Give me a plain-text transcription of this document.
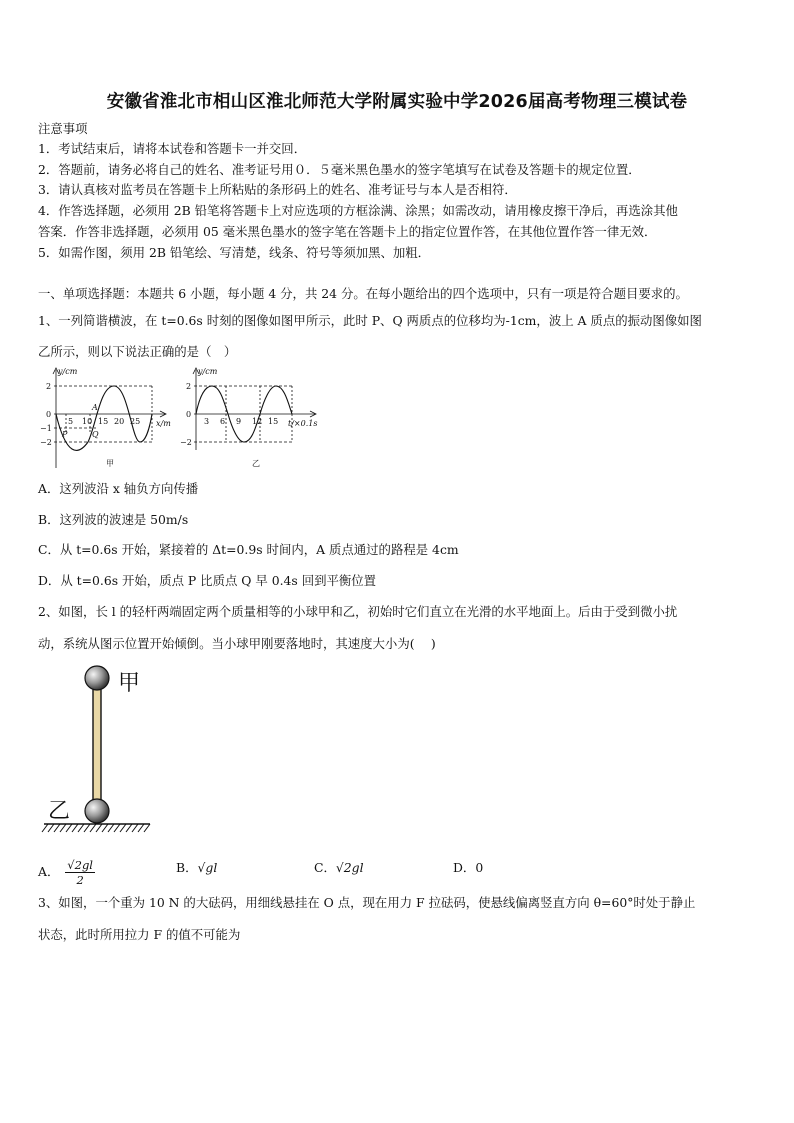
安徽省淮北市相山区淮北师范大学附属实验中学2026届高考物理三模试卷
注意事项
1．考试结束后，请将本试卷和答题卡一并交回．
2．答题前，请务必将自己的姓名、准考证号用０．５毫米黑色墨水的签字笔填写在试卷及答题卡的规定位置．
3．请认真核对监考员在答题卡上所粘贴的条形码上的姓名、准考证号与本人是否相符．
4．作答选择题，必须用 2B 铅笔将答题卡上对应选项的方框涂满、涂黑；如需改动，请用橡皮擦干净后，再选涂其他
答案．作答非选择题，必须用 05 毫米黑色墨水的签字笔在答题卡上的指定位置作答，在其他位置作答一律无效．
5．如需作图，须用 2B 铅笔绘、写清楚，线条、符号等须加黑、加粗．
一、单项选择题：本题共 6 小题，每小题 4 分，共 24 分。在每小题给出的四个选项中，只有一项是符合题目要求的。
1、一列简谐横波，在 t=0.6s 时刻的图像如图甲所示，此时 P、Q 两质点的位移均为-1cm，波上 A 质点的振动图像如图
乙所示，则以下说法正确的是（　）
y/cm
x/m
2
0
−1
−2
5 10 15 20 25
A
P	Q
甲
y/cm
t/×0.1s
2
0
−2
3 6 9 12 15
乙
A．这列波沿 x 轴负方向传播
B．这列波的波速是 50m/s
C．从 t=0.6s 开始，紧接着的 Δt=0.9s 时间内，A 质点通过的路程是 4cm
D．从 t=0.6s 开始，质点 P 比质点 Q 早 0.4s 回到平衡位置
2、如图，长 l 的轻杆两端固定两个质量相等的小球甲和乙，初始时它们直立在光滑的水平地面上。后由于受到微小扰
动，系统从图示位置开始倾倒。当小球甲刚要落地时，其速度大小为(　 )
甲
乙
A． $\frac{√2gl}{2}$	B．√gl	C．√2gl	D．0
3、如图，一个重为 10 N 的大砝码，用细线悬挂在 O 点，现在用力 F 拉砝码，使悬线偏离竖直方向 θ=60°时处于静止
状态，此时所用拉力 F 的值不可能为
